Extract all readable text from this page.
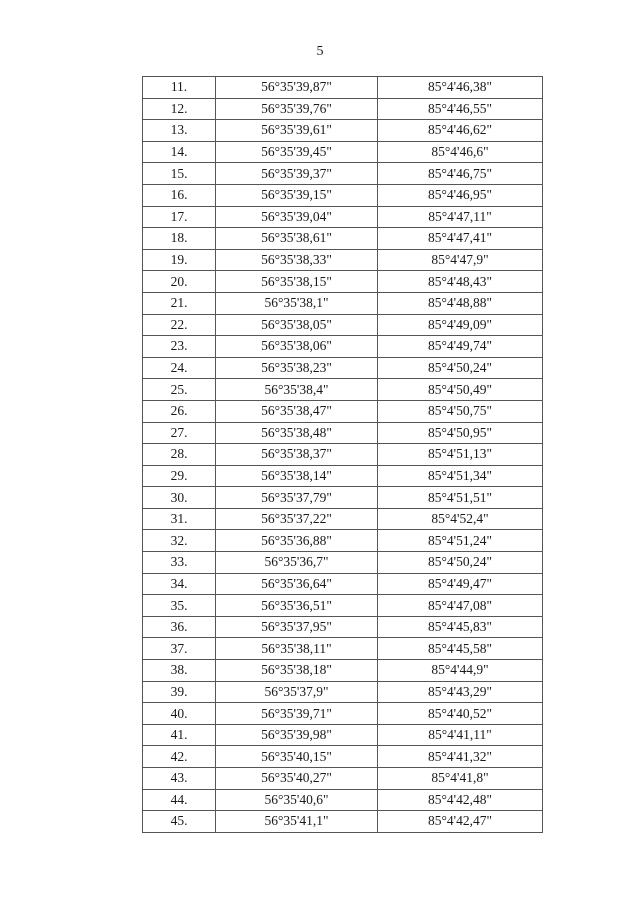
5
11.	56°35'39,87"	85°4'46,38"
12.	56°35'39,76"	85°4'46,55"
13.	56°35'39,61"	85°4'46,62"
14.	56°35'39,45"	85°4'46,6"
15.	56°35'39,37"	85°4'46,75"
16.	56°35'39,15"	85°4'46,95"
17.	56°35'39,04"	85°4'47,11"
18.	56°35'38,61"	85°4'47,41"
19.	56°35'38,33"	85°4'47,9"
20.	56°35'38,15"	85°4'48,43"
21.	56°35'38,1"	85°4'48,88"
22.	56°35'38,05"	85°4'49,09"
23.	56°35'38,06"	85°4'49,74"
24.	56°35'38,23"	85°4'50,24"
25.	56°35'38,4"	85°4'50,49"
26.	56°35'38,47"	85°4'50,75"
27.	56°35'38,48"	85°4'50,95"
28.	56°35'38,37"	85°4'51,13"
29.	56°35'38,14"	85°4'51,34"
30.	56°35'37,79"	85°4'51,51"
31.	56°35'37,22"	85°4'52,4"
32.	56°35'36,88"	85°4'51,24"
33.	56°35'36,7"	85°4'50,24"
34.	56°35'36,64"	85°4'49,47"
35.	56°35'36,51"	85°4'47,08"
36.	56°35'37,95"	85°4'45,83"
37.	56°35'38,11"	85°4'45,58"
38.	56°35'38,18"	85°4'44,9"
39.	56°35'37,9"	85°4'43,29"
40.	56°35'39,71"	85°4'40,52"
41.	56°35'39,98"	85°4'41,11"
42.	56°35'40,15"	85°4'41,32"
43.	56°35'40,27"	85°4'41,8"
44.	56°35'40,6"	85°4'42,48"
45.	56°35'41,1"	85°4'42,47"
